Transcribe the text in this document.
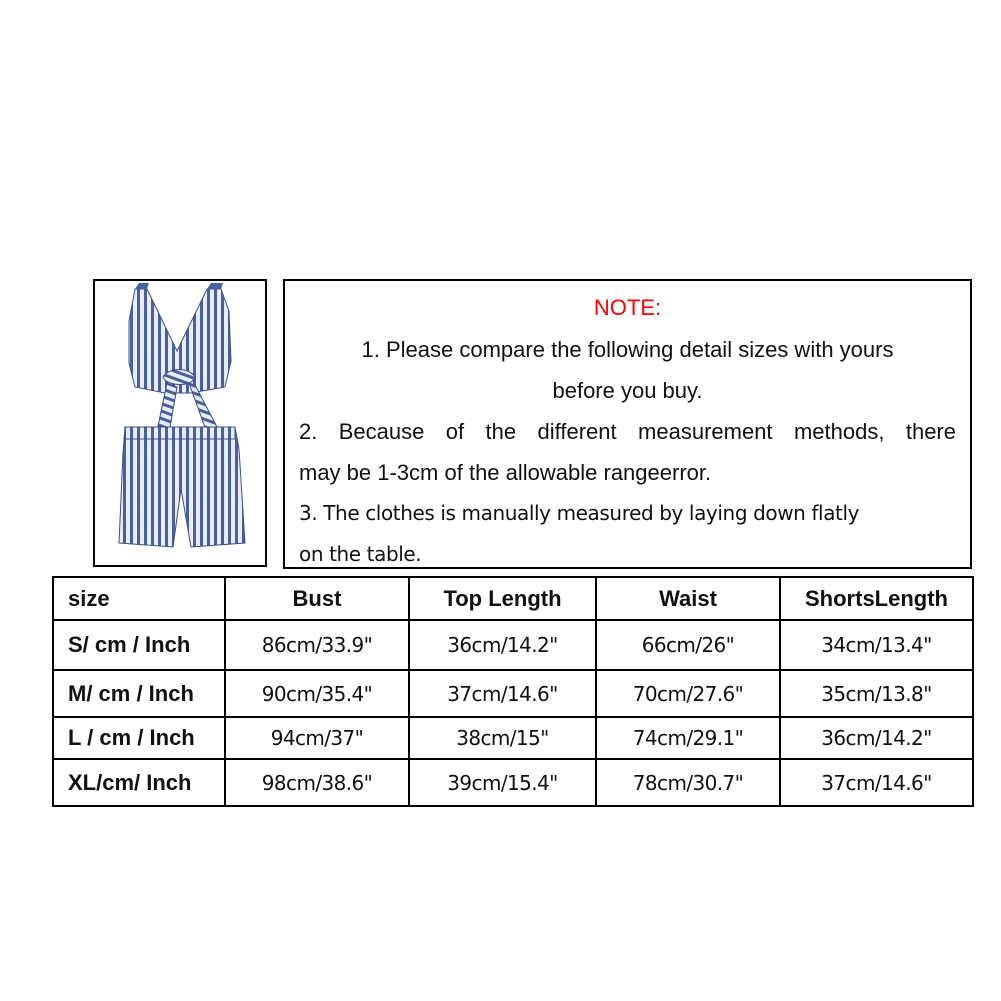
NOTE:
1. Please compare the following detail sizes with yours
before you buy.
2. Because of the different measurement methods, there
may be 1-3cm of the allowable rangeerror.
3. The clothes is manually measured by laying down flatly
on the table.
size	Bust	Top Length	Waist	ShortsLength
S/ cm / Inch	86cm/33.9"	36cm/14.2"	66cm/26"	34cm/13.4"
M/ cm / Inch	90cm/35.4"	37cm/14.6"	70cm/27.6"	35cm/13.8"
L / cm / Inch	94cm/37"	38cm/15"	74cm/29.1"	36cm/14.2"
XL/cm/ Inch	98cm/38.6"	39cm/15.4"	78cm/30.7"	37cm/14.6"
